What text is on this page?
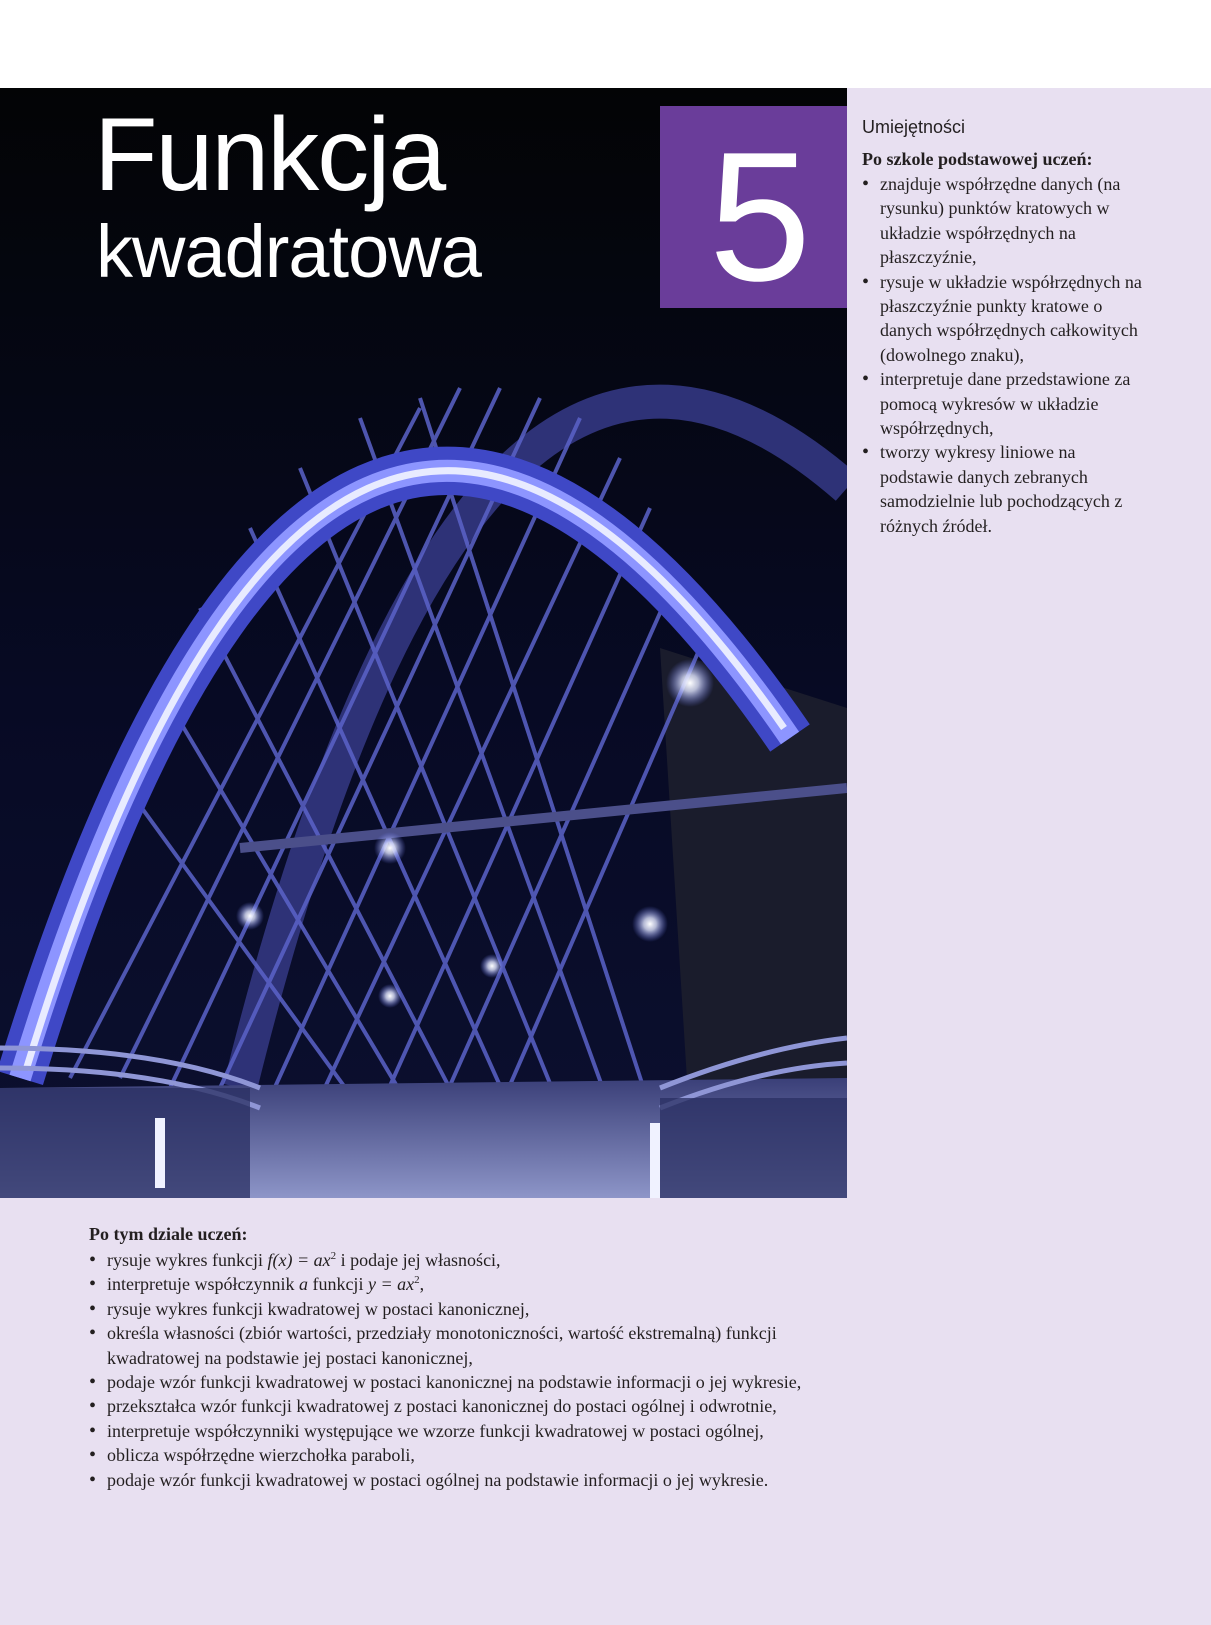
Funkcja
kwadratowa 5	Umiejętności
Po szkole podstawowej uczeń:
• znajduje współrzędne danych (na rysunku) punktów kratowych w układzie współrzędnych na płaszczyźnie,
• rysuje w układzie współrzędnych na płaszczyźnie punkty kratowe o danych współrzędnych całkowitych (dowolnego znaku),
• interpretuje dane przedstawione za pomocą wykresów w układzie współrzędnych,
• tworzy wykresy liniowe na podstawie danych zebranych samodzielnie lub pochodzących z różnych źródeł.
Po tym dziale uczeń:
• rysuje wykres funkcji $f(x) = ax^2$ i podaje jej własności,
• interpretuje współczynnik a funkcji $y = ax^2$,
• rysuje wykres funkcji kwadratowej w postaci kanonicznej,
• określa własności (zbiór wartości, przedziały monotoniczności, wartość ekstremalną) funkcji kwadratowej na podstawie jej postaci kanonicznej,
• podaje wzór funkcji kwadratowej w postaci kanonicznej na podstawie informacji o jej wykresie,
• przekształca wzór funkcji kwadratowej z postaci kanonicznej do postaci ogólnej i odwrotnie,
• interpretuje współczynniki występujące we wzorze funkcji kwadratowej w postaci ogólnej,
• oblicza współrzędne wierzchołka paraboli,
• podaje wzór funkcji kwadratowej w postaci ogólnej na podstawie informacji o jej wykresie.
